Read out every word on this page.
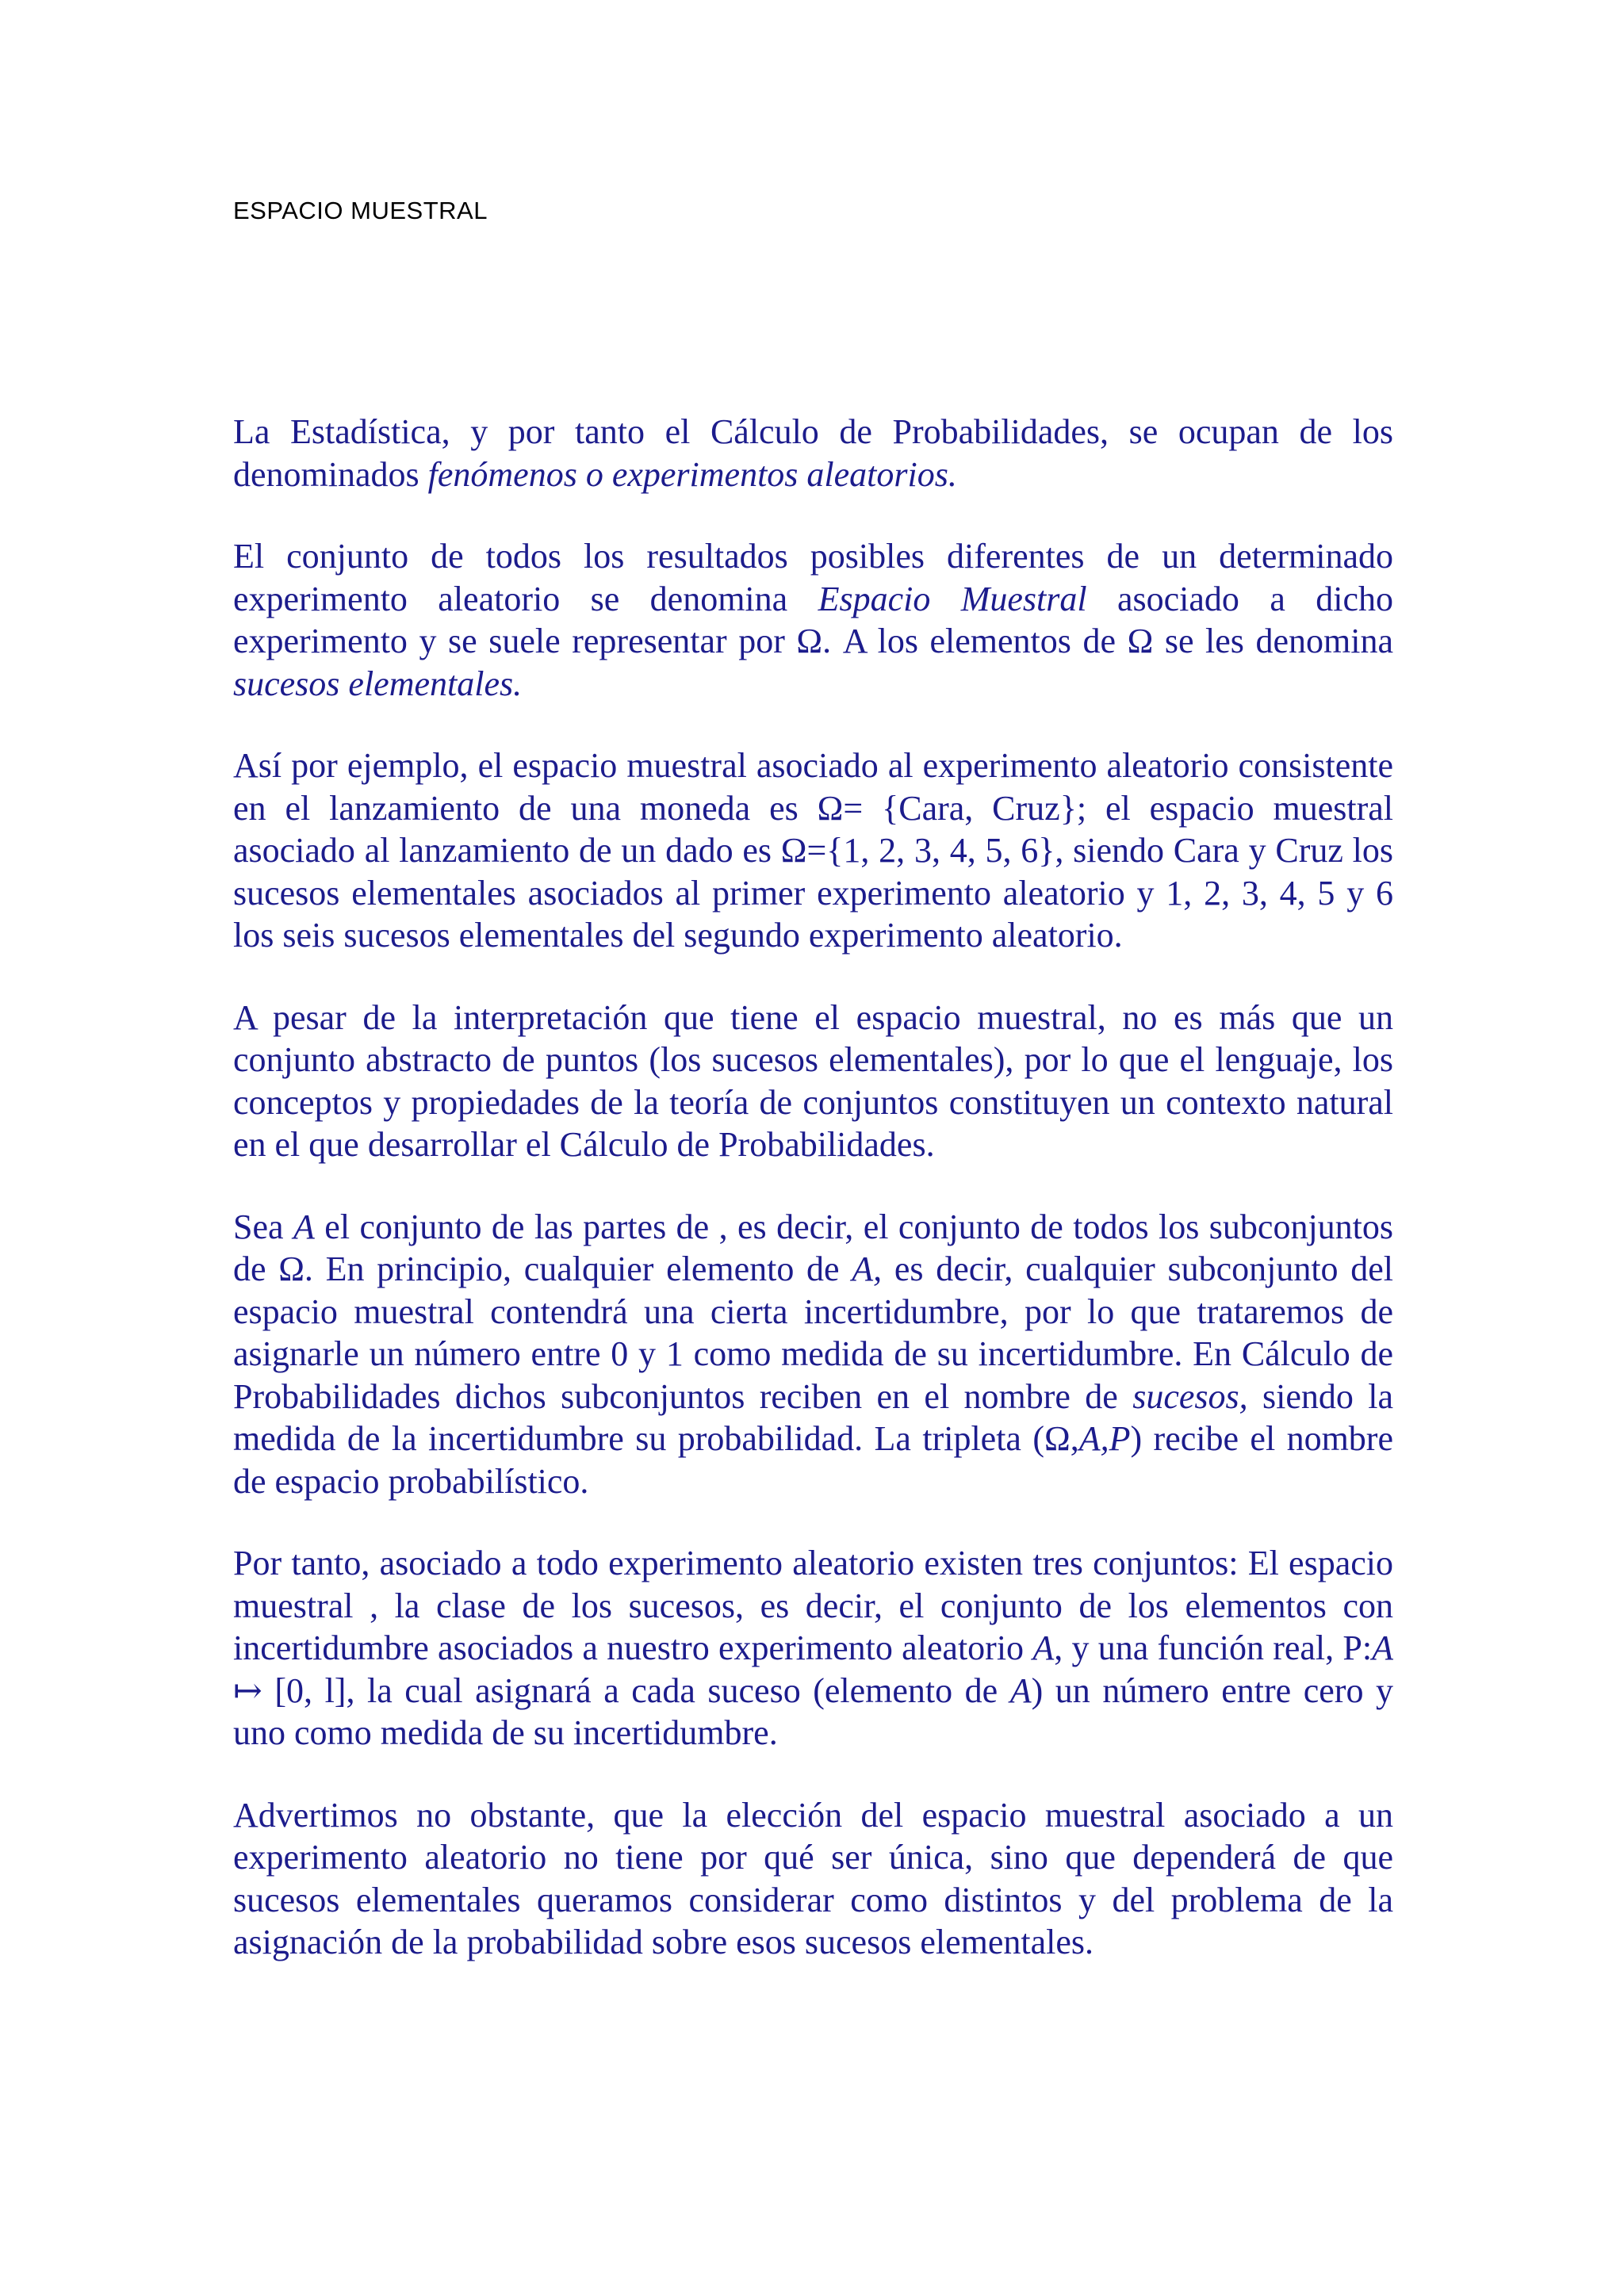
ESPACIO MUESTRAL

La Estadística, y por tanto el Cálculo de Probabilidades, se ocupan de los denominados fenómenos o experimentos aleatorios.

El conjunto de todos los resultados posibles diferentes de un determinado experimento aleatorio se denomina Espacio Muestral asociado a dicho experimento y se suele representar por Ω. A los elementos de Ω se les denomina sucesos elementales.

Así por ejemplo, el espacio muestral asociado al experimento aleatorio consistente en el lanzamiento de una moneda es Ω= {Cara, Cruz}; el espacio muestral asociado al lanzamiento de un dado es Ω={1, 2, 3, 4, 5, 6}, siendo Cara y Cruz los sucesos elementales asociados al primer experimento aleatorio y 1, 2, 3, 4, 5 y 6 los seis sucesos elementales del segundo experimento aleatorio.

A pesar de la interpretación que tiene el espacio muestral, no es más que un conjunto abstracto de puntos (los sucesos elementales), por lo que el lenguaje, los conceptos y propiedades de la teoría de conjuntos constituyen un contexto natural en el que desarrollar el Cálculo de Probabilidades.

Sea A el conjunto de las partes de , es decir, el conjunto de todos los subconjuntos de Ω. En principio, cualquier elemento de A, es decir, cualquier subconjunto del espacio muestral contendrá una cierta incertidumbre, por lo que trataremos de asignarle un número entre 0 y 1 como medida de su incertidumbre. En Cálculo de Probabilidades dichos subconjuntos reciben en el nombre de sucesos, siendo la medida de la incertidumbre su probabilidad. La tripleta (Ω,A,P) recibe el nombre de espacio probabilístico.

Por tanto, asociado a todo experimento aleatorio existen tres conjuntos: El espacio muestral , la clase de los sucesos, es decir, el conjunto de los elementos con incertidumbre asociados a nuestro experimento aleatorio A, y una función real, P:A ↦ [0, l], la cual asignará a cada suceso (elemento de A) un número entre cero y uno como medida de su incertidumbre.

Advertimos no obstante, que la elección del espacio muestral asociado a un experimento aleatorio no tiene por qué ser única, sino que dependerá de que sucesos elementales queramos considerar como distintos y del problema de la asignación de la probabilidad sobre esos sucesos elementales.
